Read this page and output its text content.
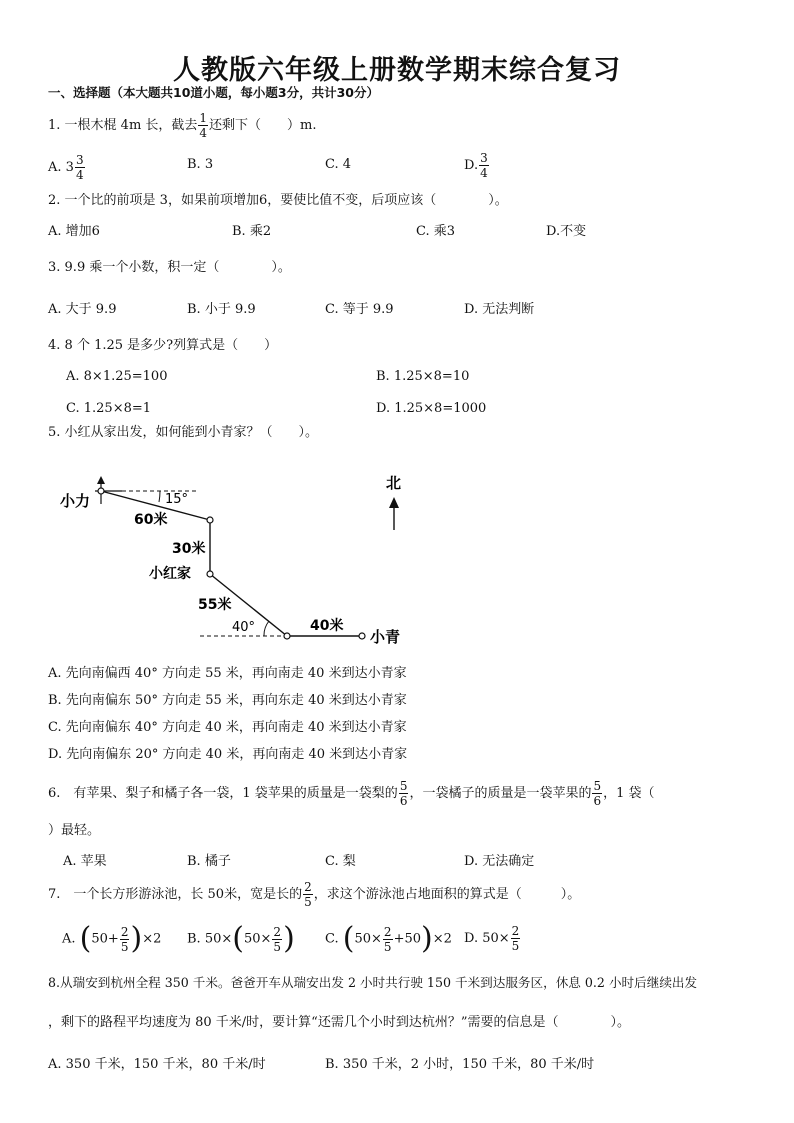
人教版六年级上册数学期末综合复习
一、选择题（本大题共10道小题，每小题3分，共计30分）
1. 一根木棍 4m 长，截去 $\frac{1}{4}$ 还剩下（　　）m.
A. $3 \frac{3}{4}$	B. 3	C. 4	D. $\frac{3}{4}$
2. 一个比的前项是 3，如果前项增加6，要使比值不变，后项应该（　　　　）。
A. 增加6	B. 乘2	C. 乘3	D.不变
3. 9.9 乘一个小数，积一定（　　　　）。
A. 大于 9.9	B. 小于 9.9	C. 等于 9.9	D. 无法判断
4. 8 个 1.25 是多少?列算式是（　　）
A. 8×1.25=100	B. 1.25×8=10
C. 1.25×8=1	D. 1.25×8=1000
5. 小红从家出发，如何能到小青家？（　　）。
小力	15°
60米
30米
小红家
55米
40°	40米
小青
北
A. 先向南偏西 40° 方向走 55 米，再向南走 40 米到达小青家
B. 先向南偏东 50° 方向走 55 米，再向东走 40 米到达小青家
C. 先向南偏东 40° 方向走 40 米，再向南走 40 米到达小青家
D. 先向南偏东 20° 方向走 40 米，再向南走 40 米到达小青家
6.　有苹果、梨子和橘子各一袋，1 袋苹果的质量是一袋梨的 $\frac{5}{6}$ ，一袋橘子的质量是一袋苹果的 $\frac{5}{6}$ ，1 袋（
）最轻。
A. 苹果	B. 橘子	C. 梨	D. 无法确定
7.　一个长方形游泳池，长 50米，宽是长的 $\frac{2}{5}$ ，求这个游泳池占地面积的算式是（　　　）。
A. $(50+ \frac{2}{5} )\times 2$ B. $50\times(50\times \frac{2}{5}$ ) C. $(50\times \frac{2}{5} +50)\times 2$ D. $50\times \frac{2}{5}$
8.从瑞安到杭州全程 350 千米。爸爸开车从瑞安出发 2 小时共行驶 150 千米到达服务区，休息 0.2 小时后继续出发
，剩下的路程平均速度为 80 千米/时，要计算“还需几个小时到达杭州？”需要的信息是（　　　　）。
A. 350 千米，150 千米，80 千米/时	B. 350 千米，2 小时，150 千米，80 千米/时
